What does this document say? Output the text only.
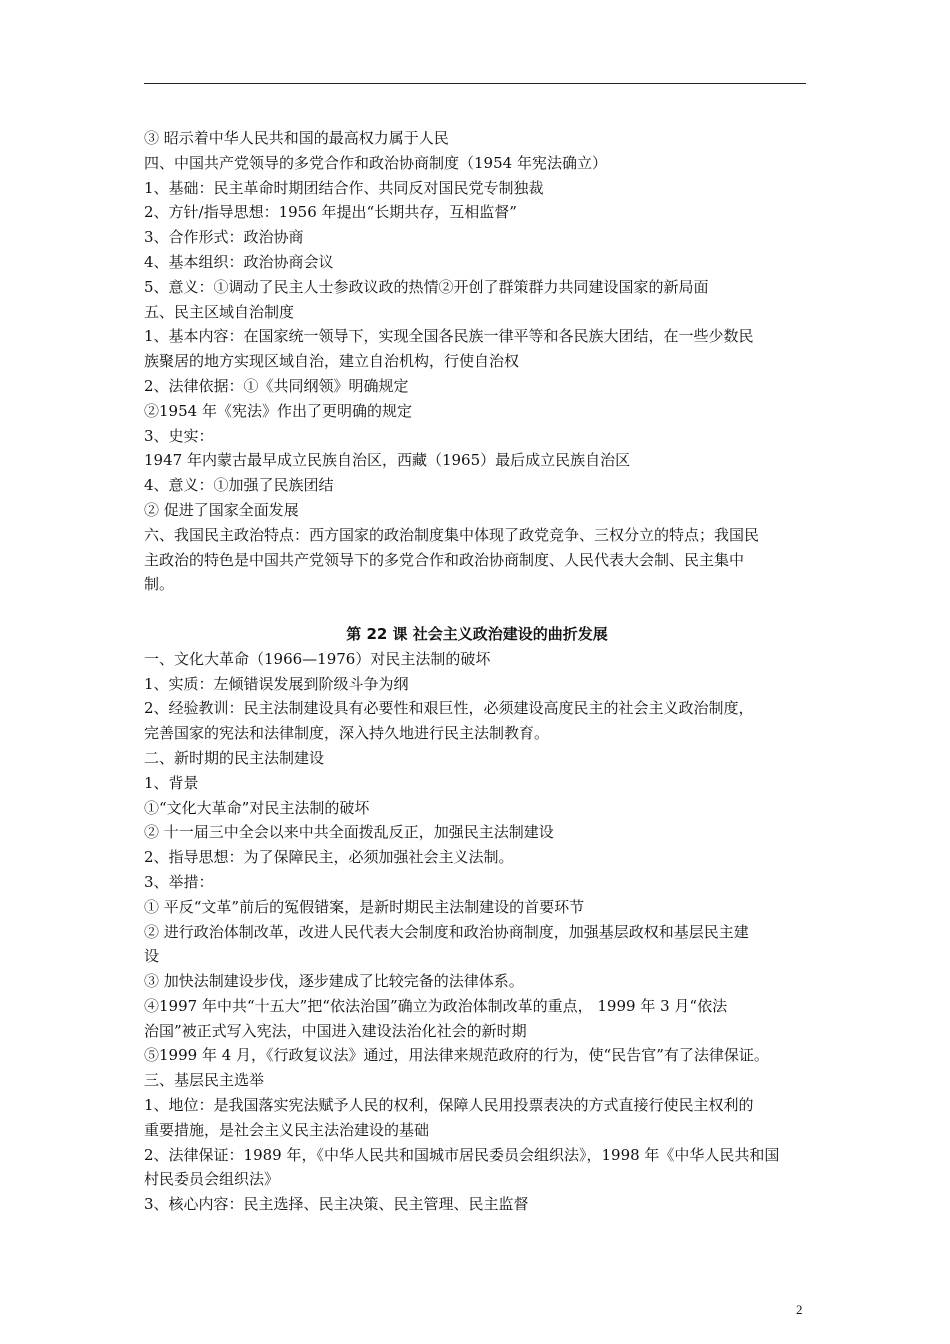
③ 昭示着中华人民共和国的最高权力属于人民
四、中国共产党领导的多党合作和政治协商制度（1954 年宪法确立）
1、基础：民主革命时期团结合作、共同反对国民党专制独裁
2、方针/指导思想：1956 年提出“长期共存，互相监督”
3、合作形式：政治协商
4、基本组织：政治协商会议
5、意义：①调动了民主人士参政议政的热情②开创了群策群力共同建设国家的新局面
五、民主区域自治制度
1、基本内容：在国家统一领导下，实现全国各民族一律平等和各民族大团结，在一些少数民
族聚居的地方实现区域自治，建立自治机构，行使自治权
2、法律依据：①《共同纲领》明确规定
②1954 年《宪法》作出了更明确的规定
3、史实：
1947 年内蒙古最早成立民族自治区，西藏（1965）最后成立民族自治区
4、意义：①加强了民族团结
② 促进了国家全面发展
六、我国民主政治特点：西方国家的政治制度集中体现了政党竞争、三权分立的特点；我国民
主政治的特色是中国共产党领导下的多党合作和政治协商制度、人民代表大会制、民主集中
制。
第 22 课 社会主义政治建设的曲折发展
一、文化大革命（1966—1976）对民主法制的破坏
1、实质：左倾错误发展到阶级斗争为纲
2、经验教训：民主法制建设具有必要性和艰巨性，必须建设高度民主的社会主义政治制度，
完善国家的宪法和法律制度，深入持久地进行民主法制教育。
二、新时期的民主法制建设
1、背景
①“文化大革命”对民主法制的破坏
② 十一届三中全会以来中共全面拨乱反正，加强民主法制建设
2、指导思想：为了保障民主，必须加强社会主义法制。
3、举措：
① 平反“文革”前后的冤假错案，是新时期民主法制建设的首要环节
② 进行政治体制改革，改进人民代表大会制度和政治协商制度，加强基层政权和基层民主建
设
③ 加快法制建设步伐，逐步建成了比较完备的法律体系。
④1997 年中共“十五大”把“依法治国”确立为政治体制改革的重点， 1999 年 3 月“依法
治国”被正式写入宪法，中国进入建设法治化社会的新时期
⑤1999 年 4 月，《行政复议法》通过，用法律来规范政府的行为，使“民告官”有了法律保证。
三、基层民主选举
1、地位：是我国落实宪法赋予人民的权利，保障人民用投票表决的方式直接行使民主权利的
重要措施，是社会主义民主法治建设的基础
2、法律保证：1989 年，《中华人民共和国城市居民委员会组织法》，1998 年《中华人民共和国
村民委员会组织法》
3、核心内容：民主选择、民主决策、民主管理、民主监督
2
